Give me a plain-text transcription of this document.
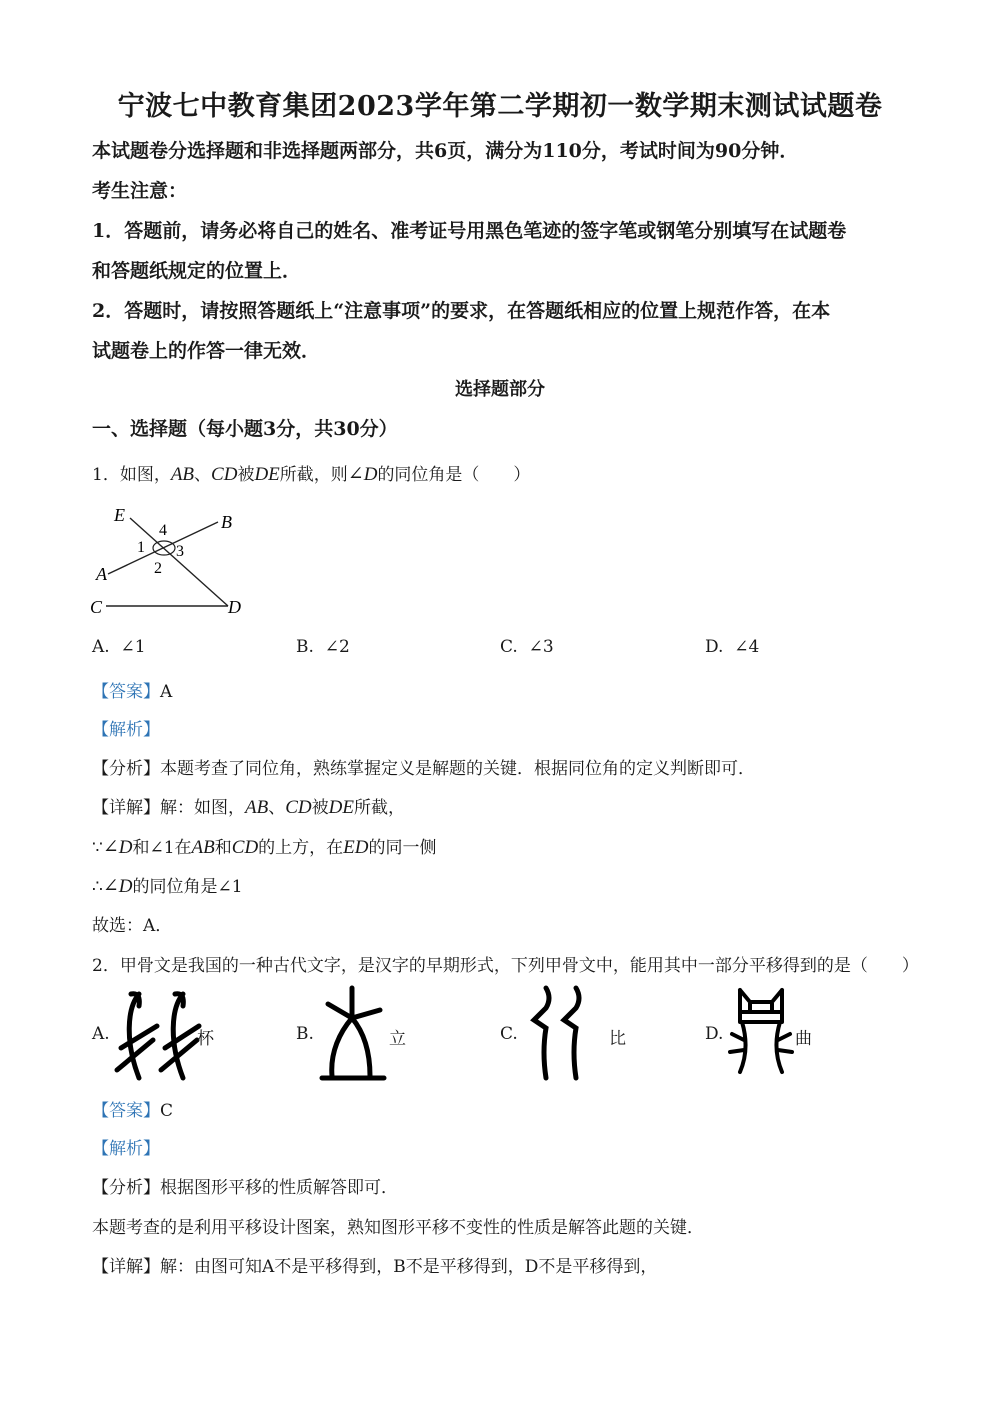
宁波七中教育集团2023学年第二学期初一数学期末测试试题卷
本试题卷分选择题和非选择题两部分，共6页，满分为110分，考试时间为90分钟．
考生注意：
1．答题前，请务必将自己的姓名、准考证号用黑色笔迹的签字笔或钢笔分别填写在试题卷
和答题纸规定的位置上．
2．答题时，请按照答题纸上“注意事项”的要求，在答题纸相应的位置上规范作答，在本
试题卷上的作答一律无效．
选择题部分
一、选择题（每小题3分，共30分）
1．如图，AB、CD被DE所截，则∠D的同位角是（　　）
E	B
A
C	D
1
2
3
4
A. ∠1	B. ∠2	C. ∠3	D. ∠4
【答案】A
【解析】
【分析】本题考查了同位角，熟练掌握定义是解题的关键．根据同位角的定义判断即可．
【详解】解：如图，AB、CD被DE所截，
∵∠D和∠1在AB和CD的上方，在ED的同一侧
∴∠D的同位角是∠1
故选：A．
2．甲骨文是我国的一种古代文字，是汉字的早期形式，下列甲骨文中，能用其中一部分平移得到的是（　　）
A.	杯	B.	立	C.	比	D.	曲
【答案】C
【解析】
【分析】根据图形平移的性质解答即可．
本题考查的是利用平移设计图案，熟知图形平移不变性的性质是解答此题的关键．
【详解】解：由图可知A不是平移得到，B不是平移得到，D不是平移得到，
